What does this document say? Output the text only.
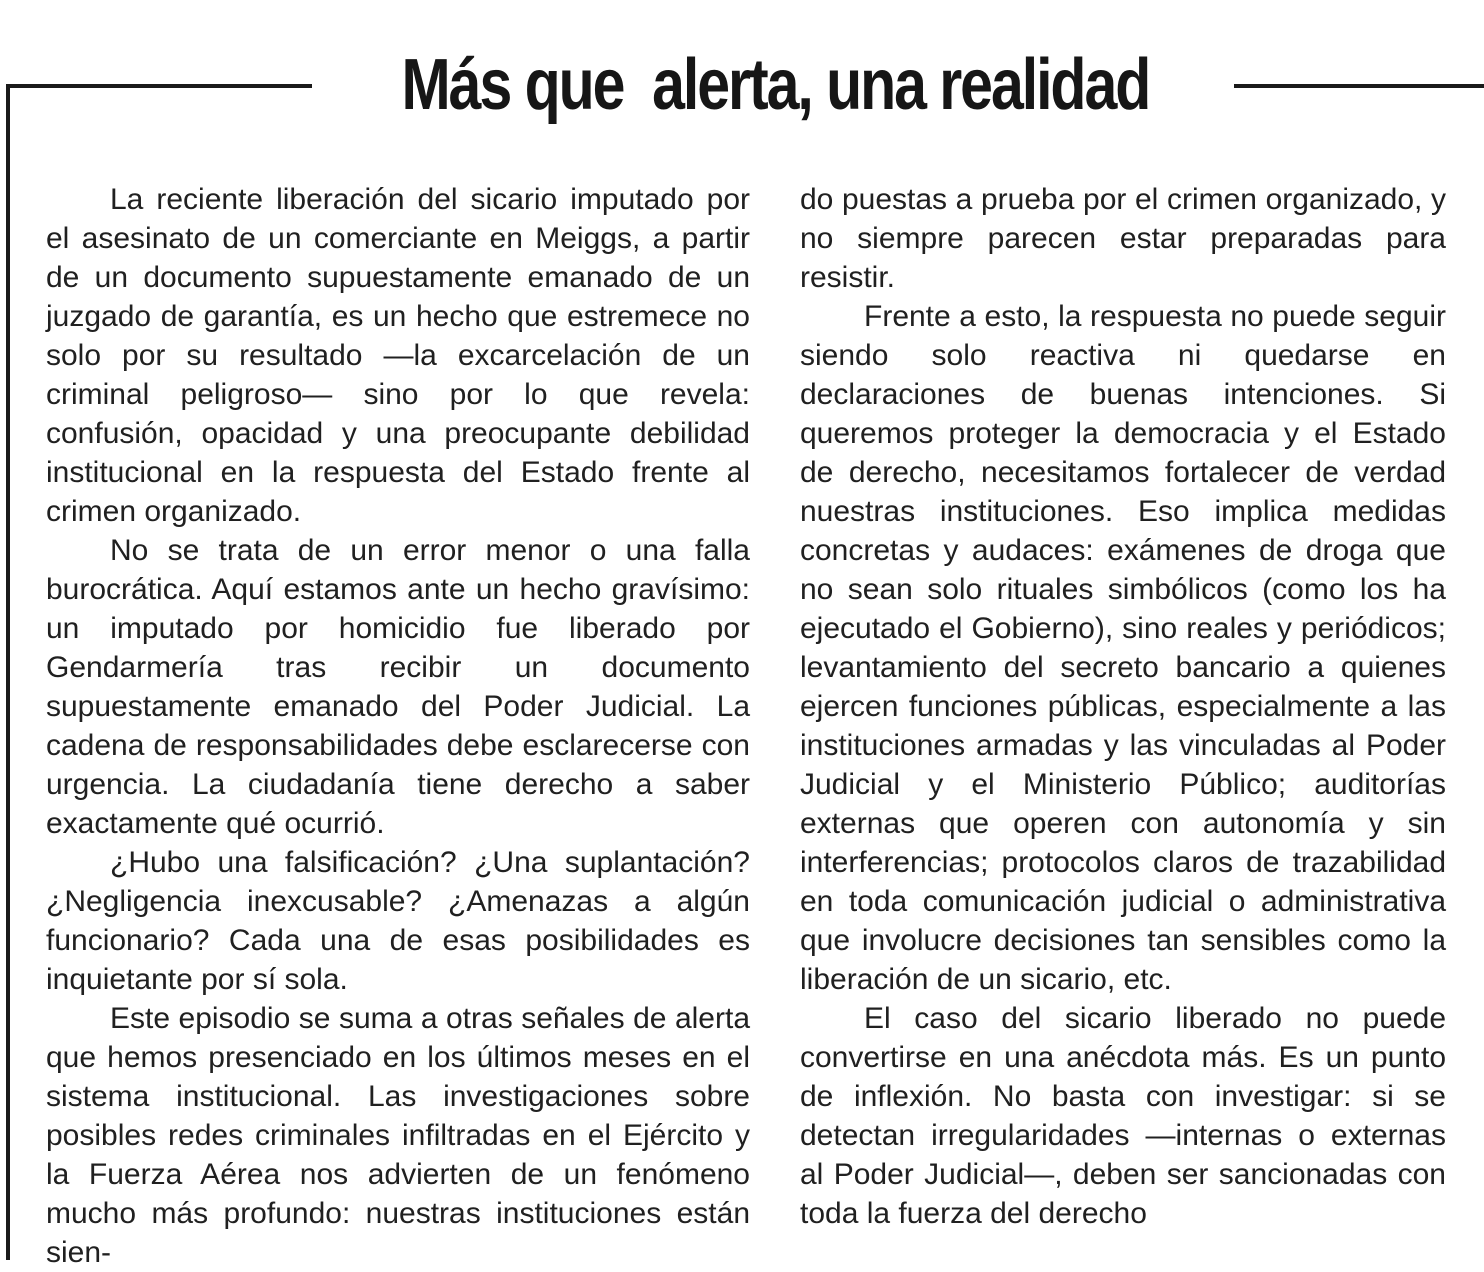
Más que  alerta, una realidad

La reciente liberación del sicario imputado por el asesinato de un comerciante en Meiggs, a partir de un documento supuestamente emanado de un juzgado de garantía, es un hecho que estremece no solo por su resultado —la excarcelación de un criminal peligroso— sino por lo que revela: confusión, opacidad y una preocupante debilidad institucional en la respuesta del Estado frente al crimen organizado.

No se trata de un error menor o una falla burocrática. Aquí estamos ante un hecho gravísimo: un imputado por homicidio fue liberado por Gendarmería tras recibir un documento supuestamente emanado del Poder Judicial. La cadena de responsabilidades debe esclarecerse con urgencia. La ciudadanía tiene derecho a saber exactamente qué ocurrió.

¿Hubo una falsificación? ¿Una suplantación? ¿Negligencia inexcusable? ¿Amenazas a algún funcionario? Cada una de esas posibilidades es inquietante por sí sola.

Este episodio se suma a otras señales de alerta que hemos presenciado en los últimos meses en el sistema institucional. Las investigaciones sobre posibles redes criminales infiltradas en el Ejército y la Fuerza Aérea nos advierten de un fenómeno mucho más profundo: nuestras instituciones están sien-

do puestas a prueba por el crimen organizado, y no siempre parecen estar preparadas para resistir.

Frente a esto, la respuesta no puede seguir siendo solo reactiva ni quedarse en declaraciones de buenas intenciones. Si queremos proteger la democracia y el Estado de derecho, necesitamos fortalecer de verdad nuestras instituciones. Eso implica medidas concretas y audaces: exámenes de droga que no sean solo rituales simbólicos (como los ha ejecutado el Gobierno), sino reales y periódicos; levantamiento del secreto bancario a quienes ejercen funciones públicas, especialmente a las instituciones armadas y las vinculadas al Poder Judicial y el Ministerio Público; auditorías externas que operen con autonomía y sin interferencias; protocolos claros de trazabilidad en toda comunicación judicial o administrativa que involucre decisiones tan sensibles como la liberación de un sicario, etc.

El caso del sicario liberado no puede convertirse en una anécdota más. Es un punto de inflexión. No basta con investigar: si se detectan irregularidades —internas o externas al Poder Judicial—, deben ser sancionadas con toda la fuerza del derecho
